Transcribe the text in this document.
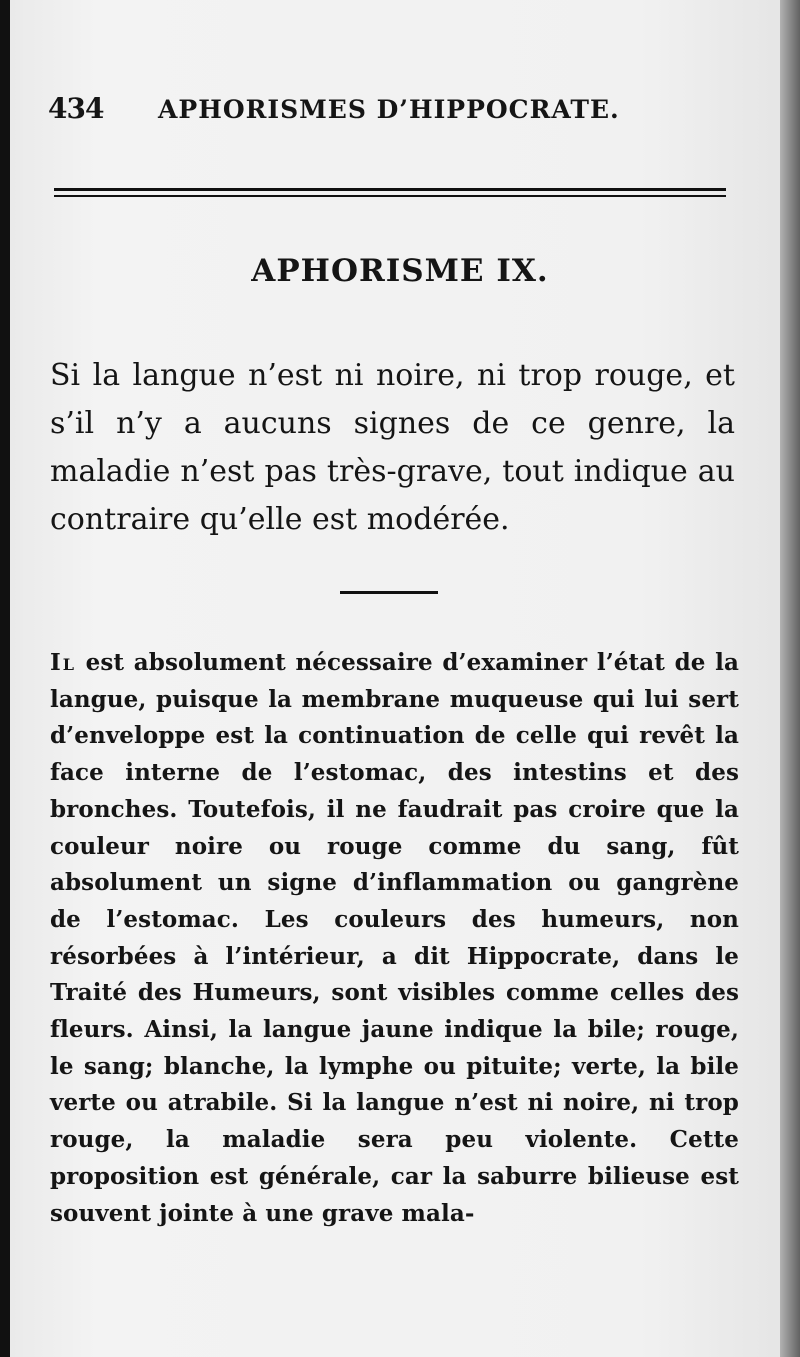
434 APHORISMES D’HIPPOCRATE.
APHORISME IX.
Si la langue n’est ni noire, ni trop rouge, et s’il n’y a aucuns signes de ce genre, la maladie n’est pas très-grave, tout indique au contraire qu’elle est modérée.

Il est absolument nécessaire d’examiner l’état de la langue, puisque la membrane muqueuse qui lui sert d’enveloppe est la continuation de celle qui revêt la face interne de l’estomac, des intestins et des bronches. Toutefois, il ne faudrait pas croire que la couleur noire ou rouge comme du sang, fût absolument un signe d’inflammation ou gangrène de l’estomac. Les couleurs des humeurs, non résorbées à l’intérieur, a dit Hippocrate, dans le Traité des Humeurs, sont visibles comme celles des fleurs. Ainsi, la langue jaune indique la bile; rouge, le sang; blanche, la lymphe ou pituite; verte, la bile verte ou atrabile. Si la langue n’est ni noire, ni trop rouge, la maladie sera peu violente. Cette proposition est générale, car la saburre bilieuse est souvent jointe à une grave mala-
